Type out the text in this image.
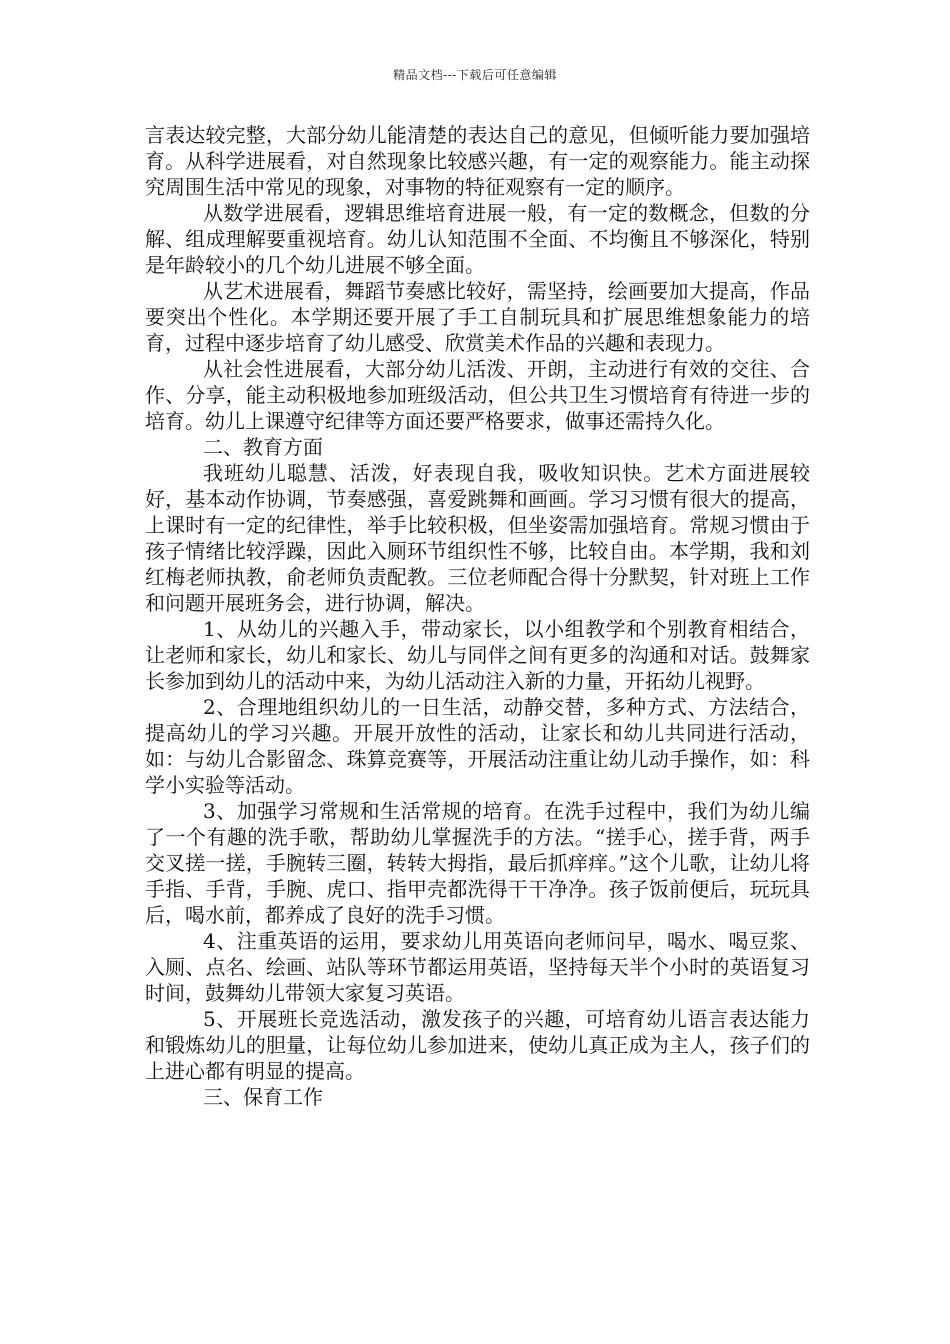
精品文档---下载后可任意编辑

言表达较完整，大部分幼儿能清楚的表达自己的意见，但倾听能力要加强培育。从科学进展看，对自然现象比较感兴趣，有一定的观察能力。能主动探究周围生活中常见的现象，对事物的特征观察有一定的顺序。

从数学进展看，逻辑思维培育进展一般，有一定的数概念，但数的分解、组成理解要重视培育。幼儿认知范围不全面、不均衡且不够深化，特别是年龄较小的几个幼儿进展不够全面。

从艺术进展看，舞蹈节奏感比较好，需坚持，绘画要加大提高，作品要突出个性化。本学期还要开展了手工自制玩具和扩展思维想象能力的培育，过程中逐步培育了幼儿感受、欣赏美术作品的兴趣和表现力。

从社会性进展看，大部分幼儿活泼、开朗，主动进行有效的交往、合作、分享，能主动积极地参加班级活动，但公共卫生习惯培育有待进一步的培育。幼儿上课遵守纪律等方面还要严格要求，做事还需持久化。

二、教育方面

我班幼儿聪慧、活泼，好表现自我，吸收知识快。艺术方面进展较好，基本动作协调，节奏感强，喜爱跳舞和画画。学习习惯有很大的提高，上课时有一定的纪律性，举手比较积极，但坐姿需加强培育。常规习惯由于孩子情绪比较浮躁，因此入厕环节组织性不够，比较自由。本学期，我和刘红梅老师执教，俞老师负责配教。三位老师配合得十分默契，针对班上工作和问题开展班务会，进行协调，解决。

1、从幼儿的兴趣入手，带动家长，以小组教学和个别教育相结合，让老师和家长，幼儿和家长、幼儿与同伴之间有更多的沟通和对话。鼓舞家长参加到幼儿的活动中来，为幼儿活动注入新的力量，开拓幼儿视野。

2、合理地组织幼儿的一日生活，动静交替，多种方式、方法结合，提高幼儿的学习兴趣。开展开放性的活动，让家长和幼儿共同进行活动，如：与幼儿合影留念、珠算竞赛等，开展活动注重让幼儿动手操作，如：科学小实验等活动。

3、加强学习常规和生活常规的培育。在洗手过程中，我们为幼儿编了一个有趣的洗手歌，帮助幼儿掌握洗手的方法。“搓手心，搓手背，两手交叉搓一搓，手腕转三圈，转转大拇指，最后抓痒痒。”这个儿歌，让幼儿将手指、手背，手腕、虎口、指甲壳都洗得干干净净。孩子饭前便后，玩玩具后，喝水前，都养成了良好的洗手习惯。

4、注重英语的运用，要求幼儿用英语向老师问早，喝水、喝豆浆、入厕、点名、绘画、站队等环节都运用英语，坚持每天半个小时的英语复习时间，鼓舞幼儿带领大家复习英语。

5、开展班长竞选活动，激发孩子的兴趣，可培育幼儿语言表达能力和锻炼幼儿的胆量，让每位幼儿参加进来，使幼儿真正成为主人，孩子们的上进心都有明显的提高。

三、保育工作
